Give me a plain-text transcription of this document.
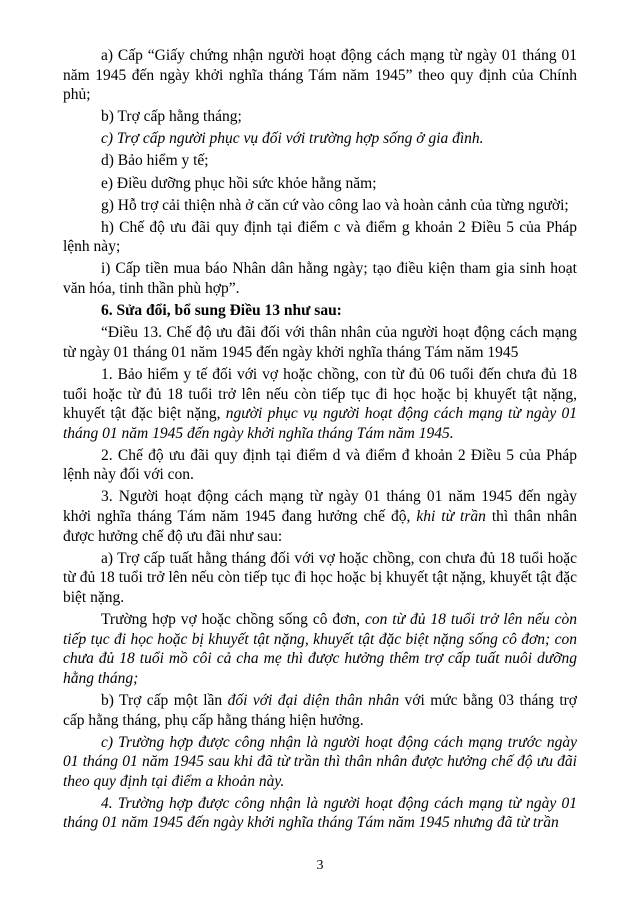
a) Cấp “Giấy chứng nhận người hoạt động cách mạng từ ngày 01 tháng 01 năm 1945 đến ngày khởi nghĩa tháng Tám năm 1945” theo quy định của Chính phủ;

b) Trợ cấp hằng tháng;

c) Trợ cấp người phục vụ đối với trường hợp sống ở gia đình.

d) Bảo hiểm y tế;

e) Điều dưỡng phục hồi sức khỏe hằng năm;

g) Hỗ trợ cải thiện nhà ở căn cứ vào công lao và hoàn cảnh của từng người;

h) Chế độ ưu đãi quy định tại điểm c và điểm g khoản 2 Điều 5 của Pháp lệnh này;

i) Cấp tiền mua báo Nhân dân hằng ngày; tạo điều kiện tham gia sinh hoạt văn hóa, tinh thần phù hợp”.

6. Sửa đổi, bổ sung Điều 13 như sau:

“Điều 13. Chế độ ưu đãi đối với thân nhân của người hoạt động cách mạng từ ngày 01 tháng 01 năm 1945 đến ngày khởi nghĩa tháng Tám năm 1945

1. Bảo hiểm y tế đối với vợ hoặc chồng, con từ đủ 06 tuổi đến chưa đủ 18 tuổi hoặc từ đủ 18 tuổi trở lên nếu còn tiếp tục đi học hoặc bị khuyết tật nặng, khuyết tật đặc biệt nặng, người phục vụ người hoạt động cách mạng từ ngày 01 tháng 01 năm 1945 đến ngày khởi nghĩa tháng Tám năm 1945.

2. Chế độ ưu đãi quy định tại điểm d và điểm đ khoản 2 Điều 5 của Pháp lệnh này đối với con.

3. Người hoạt động cách mạng từ ngày 01 tháng 01 năm 1945 đến ngày khởi nghĩa tháng Tám năm 1945 đang hưởng chế độ, khi từ trần thì thân nhân được hưởng chế độ ưu đãi như sau:

a) Trợ cấp tuất hằng tháng đối với vợ hoặc chồng, con chưa đủ 18 tuổi hoặc từ đủ 18 tuổi trở lên nếu còn tiếp tục đi học hoặc bị khuyết tật nặng, khuyết tật đặc biệt nặng.

Trường hợp vợ hoặc chồng sống cô đơn, con từ đủ 18 tuổi trở lên nếu còn tiếp tục đi học hoặc bị khuyết tật nặng, khuyết tật đặc biệt nặng sống cô đơn; con chưa đủ 18 tuổi mồ côi cả cha mẹ thì được hưởng thêm trợ cấp tuất nuôi dưỡng hằng tháng;

b) Trợ cấp một lần đối với đại diện thân nhân với mức bằng 03 tháng trợ cấp hằng tháng, phụ cấp hằng tháng hiện hưởng.

c) Trường hợp được công nhận là người hoạt động cách mạng trước ngày 01 tháng 01 năm 1945 sau khi đã từ trần thì thân nhân được hưởng chế độ ưu đãi theo quy định tại điểm a khoản này.

4. Trường hợp được công nhận là người hoạt động cách mạng từ ngày 01 tháng 01 năm 1945 đến ngày khởi nghĩa tháng Tám năm 1945 nhưng đã từ trần

3
